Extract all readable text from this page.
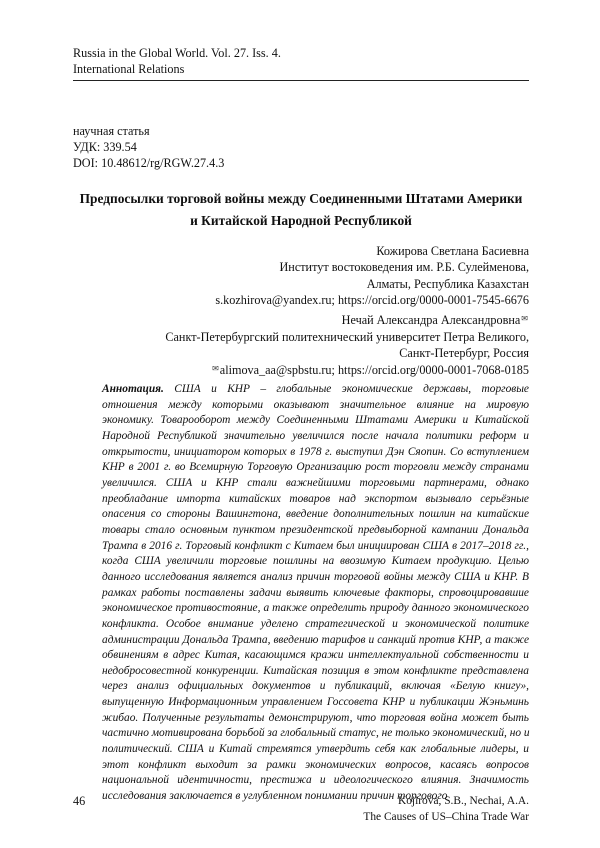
Russia in the Global World. Vol. 27. Iss. 4.
International Relations
научная статья
УДК: 339.54
DOI: 10.48612/rg/RGW.27.4.3
Предпосылки торговой войны между Соединенными Штатами Америки
и Китайской Народной Республикой
Кожирова Светлана Басиевна
Институт востоковедения им. Р.Б. Сулейменова,
Алматы, Республика Казахстан
s.kozhirova@yandex.ru; https://orcid.org/0000-0001-7545-6676
Нечай Александра Александровна✉
Санкт-Петербургский политехнический университет Петра Великого,
Санкт-Петербург, Россия
✉alimova_aa@spbstu.ru; https://orcid.org/0000-0001-7068-0185
Аннотация. США и КНР – глобальные экономические державы, торговые
отношения между которыми оказывают значительное влияние на мировую
экономику. Товарооборот между Соединенными Штатами Америки и Китайской
Народной Республикой значительно увеличился после начала политики реформ и
открытости, инициатором которых в 1978 г. выступил Дэн Сяопин. Со вступлением
КНР в 2001 г. во Всемирную Торговую Организацию рост торговли между странами
увеличился. США и КНР стали важнейшими торговыми партнерами, однако
преобладание импорта китайских товаров над экспортом вызывало серьёзные
опасения со стороны Вашингтона, введение дополнительных пошлин на китайские
товары стало основным пунктом президентской предвыборной кампании Дональда
Трампа в 2016 г. Торговый конфликт с Китаем был инициирован США в 2017–2018 гг.,
когда США увеличили торговые пошлины на ввозимую Китаем продукцию. Целью
данного исследования является анализ причин торговой войны между США и КНР. В
рамках работы поставлены задачи выявить ключевые факторы, спровоцировавшие
экономическое противостояние, а также определить природу данного экономического
конфликта. Особое внимание уделено стратегической и экономической политике
администрации Дональда Трампа, введению тарифов и санкций против КНР, а также
обвинениям в адрес Китая, касающимся кражи интеллектуальной собственности и
недобросовестной конкуренции. Китайская позиция в этом конфликте представлена
через анализ официальных документов и публикаций, включая «Белую книгу»,
выпущенную Информационным управлением Госсовета КНР и публикации Жэньминь
жибао. Полученные результаты демонстрируют, что торговая война может быть
частично мотивирована борьбой за глобальный статус, не только экономический, но и
политический. США и Китай стремятся утвердить себя как глобальные лидеры, и
этот конфликт выходит за рамки экономических вопросов, касаясь вопросов
национальной идентичности, престижа и идеологического влияния. Значимость
исследования заключается в углубленном понимании причин торгового
46	Kojirova, S.B., Nechai, A.A.
The Causes of US–China Trade War
